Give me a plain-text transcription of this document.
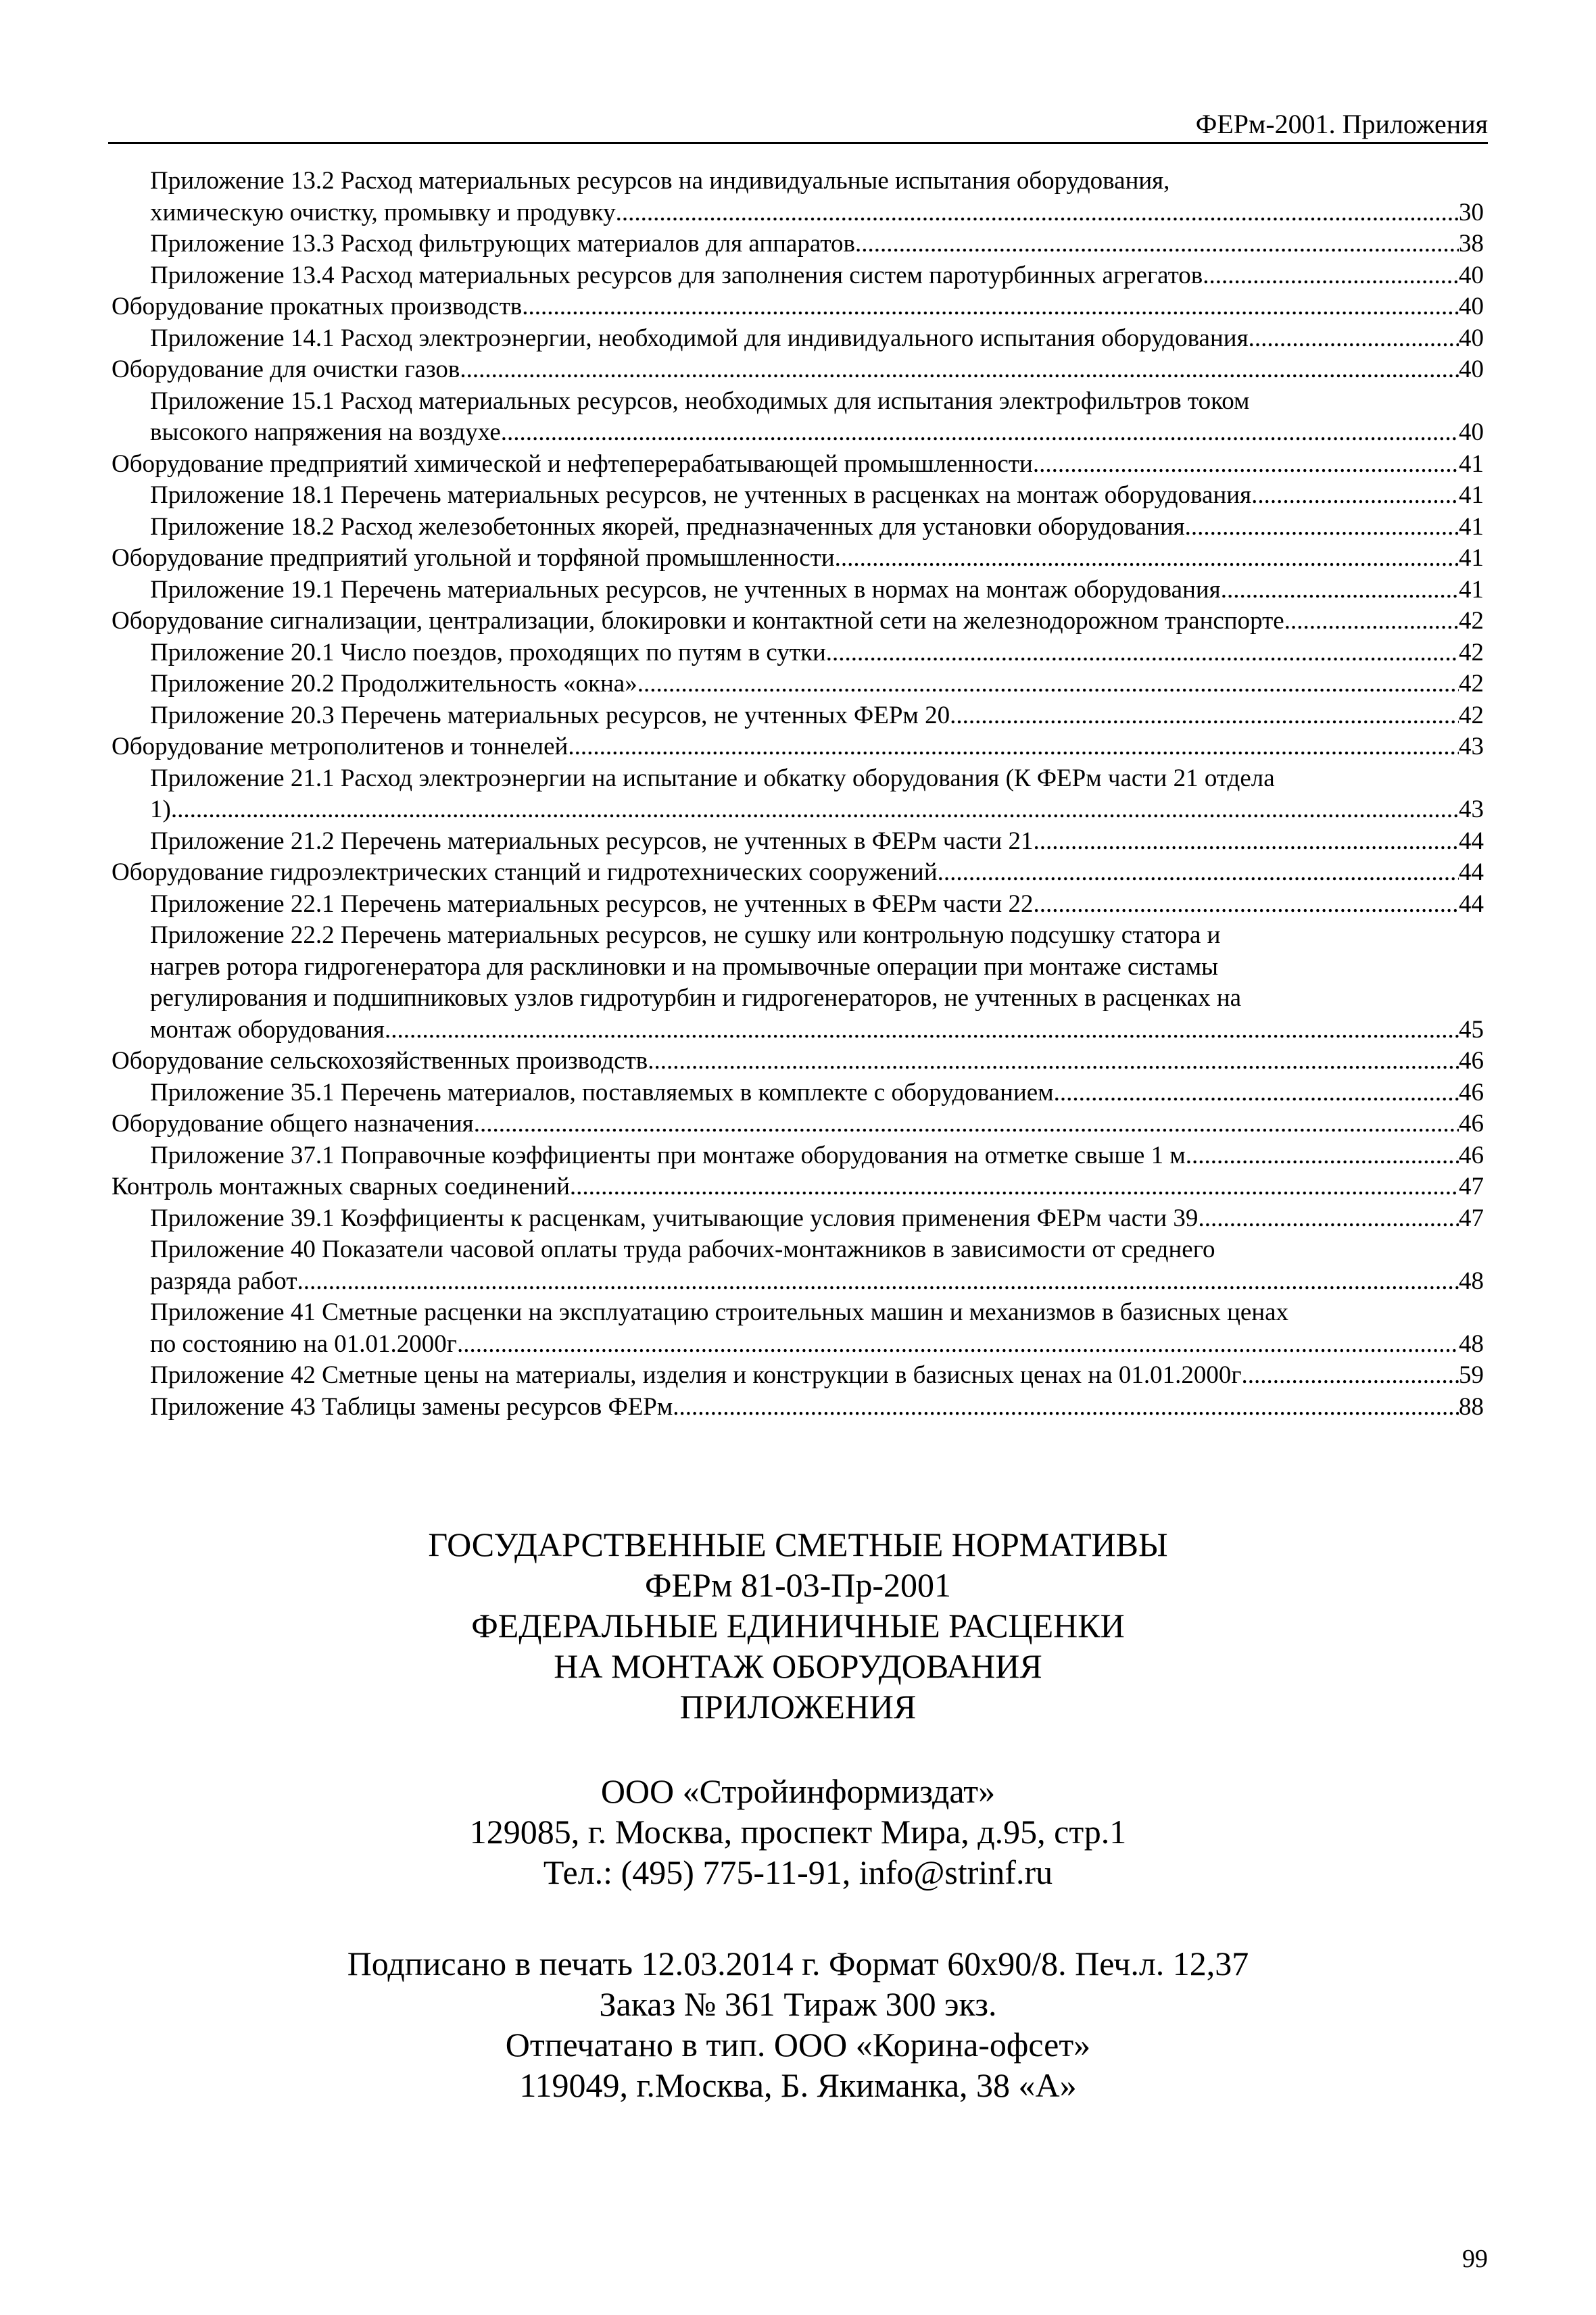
ФЕРм-2001. Приложения
Приложение 13.2 Расход материальных ресурсов на индивидуальные испытания оборудования,
химическую очистку, промывку и продувку .....	30
Приложение 13.3 Расход фильтрующих материалов для аппаратов .....	38
Приложение 13.4 Расход материальных ресурсов для заполнения систем паротурбинных агрегатов .....	40
Оборудование прокатных производств .....	40
Приложение 14.1 Расход электроэнергии, необходимой для индивидуального испытания оборудования .....	40
Оборудование для очистки газов .....	40
Приложение 15.1 Расход материальных ресурсов, необходимых для испытания электрофильтров током
высокого напряжения на воздухе .....	40
Оборудование предприятий химической и нефтеперерабатывающей промышленности .....	41
Приложение 18.1 Перечень материальных ресурсов, не учтенных в расценках на монтаж оборудования .....	41
Приложение 18.2 Расход железобетонных якорей, предназначенных для установки оборудования .....	41
Оборудование предприятий угольной и торфяной промышленности .....	41
Приложение 19.1 Перечень материальных ресурсов, не учтенных в нормах на монтаж оборудования .....	41
Оборудование сигнализации, централизации, блокировки и контактной сети на железнодорожном транспорте .....	42
Приложение 20.1 Число поездов, проходящих по путям в сутки .....	42
Приложение 20.2 Продолжительность «окна» .....	42
Приложение 20.3 Перечень материальных ресурсов, не учтенных ФЕРм 20 .....	42
Оборудование метрополитенов и тоннелей .....	43
Приложение 21.1 Расход электроэнергии на испытание и обкатку оборудования (К ФЕРм части 21 отдела
1) .....	43
Приложение 21.2 Перечень материальных ресурсов, не учтенных в ФЕРм части 21 .....	44
Оборудование гидроэлектрических станций и гидротехнических сооружений .....	44
Приложение 22.1 Перечень материальных ресурсов, не учтенных в ФЕРм части 22 .....	44
Приложение 22.2 Перечень материальных ресурсов, не сушку или контрольную подсушку статора и
нагрев ротора гидрогенератора для расклиновки и на промывочные операции при монтаже систамы
регулирования и подшипниковых узлов гидротурбин и гидрогенераторов, не учтенных в расценках на
монтаж оборудования .....	45
Оборудование сельскохозяйственных производств .....	46
Приложение 35.1 Перечень материалов, поставляемых в комплекте с оборудованием .....	46
Оборудование общего назначения .....	46
Приложение 37.1 Поправочные коэффициенты при монтаже оборудования на отметке свыше 1 м .....	46
Контроль монтажных сварных соединений .....	47
Приложение 39.1 Коэффициенты к расценкам, учитывающие условия применения ФЕРм части 39 .....	47
Приложение 40 Показатели часовой оплаты труда рабочих-монтажников в зависимости от среднего
разряда работ .....	48
Приложение 41 Сметные расценки на эксплуатацию строительных машин и механизмов в базисных ценах
по состоянию на 01.01.2000г .....	48
Приложение 42 Сметные цены на материалы, изделия и конструкции в базисных ценах на 01.01.2000г .....	59
Приложение 43 Таблицы замены ресурсов ФЕРм .....	88

ГОСУДАРСТВЕННЫЕ СМЕТНЫЕ НОРМАТИВЫ

ФЕРм 81-03-Пр-2001

ФЕДЕРАЛЬНЫЕ ЕДИНИЧНЫЕ РАСЦЕНКИ

НА МОНТАЖ ОБОРУДОВАНИЯ

ПРИЛОЖЕНИЯ

ООО «Стройинформиздат»

129085, г. Москва, проспект Мира, д.95, стр.1

Тел.: (495) 775-11-91, info@strinf.ru

Подписано в печать 12.03.2014 г. Формат 60х90/8. Печ.л. 12,37

Заказ № 361 Тираж 300 экз.

Отпечатано в тип. ООО «Корина-офсет»

119049, г.Москва, Б. Якиманка, 38 «А»

99
